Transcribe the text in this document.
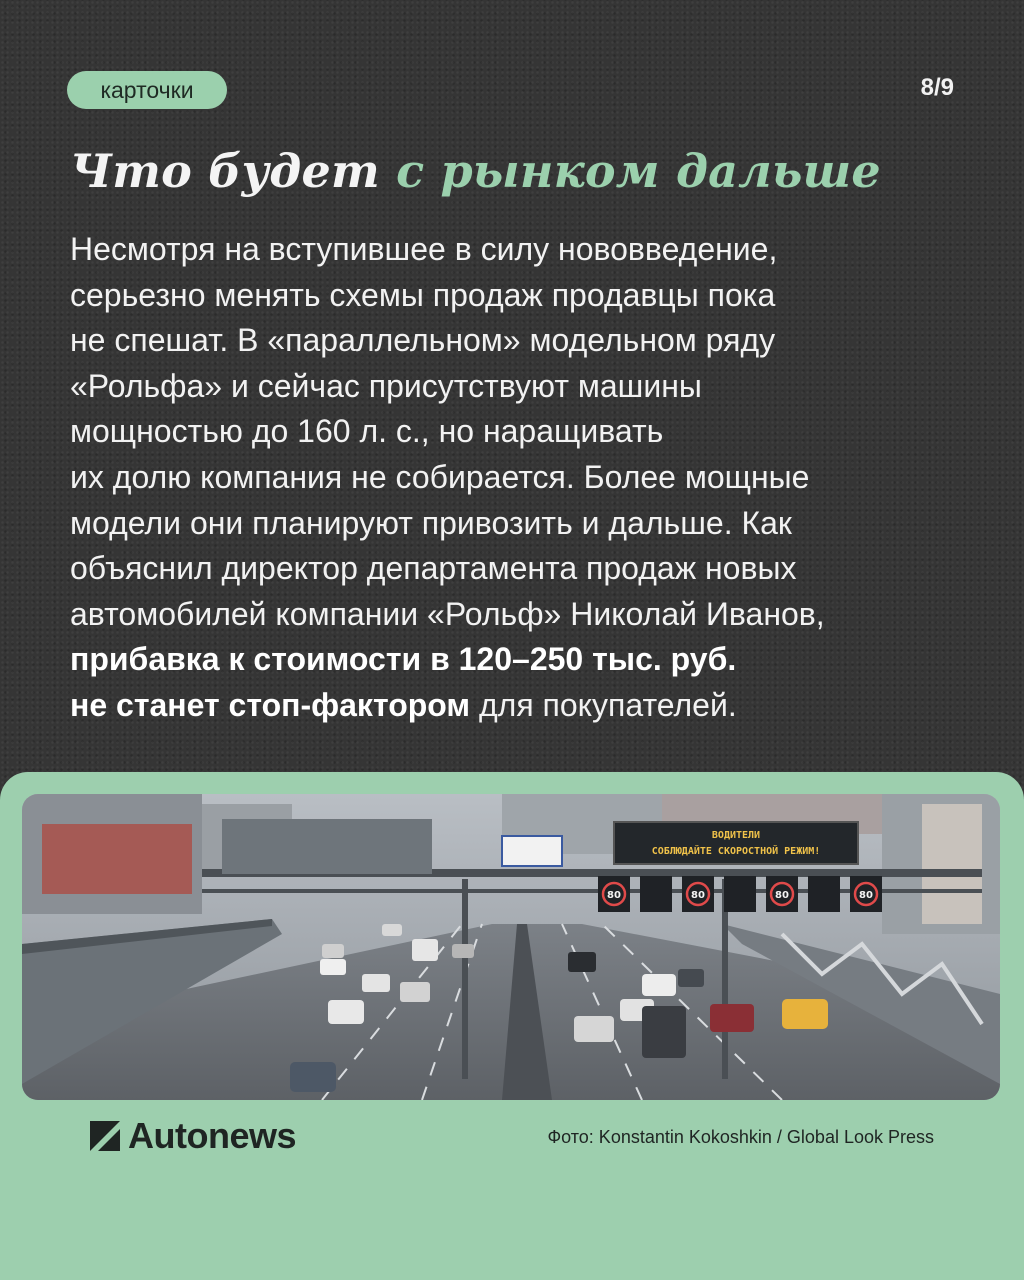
карточки	8/9
Что будет с рынком дальше
Несмотря на вступившее в силу нововведение,
серьезно менять схемы продаж продавцы пока
не спешат. В «параллельном» модельном ряду
«Рольфа» и сейчас присутствуют машины
мощностью до 160 л. с., но наращивать
их долю компания не собирается. Более мощные
модели они планируют привозить и дальше. Как
объяснил директор департамента продаж новых
автомобилей компании «Рольф» Николай Иванов,
прибавка к стоимости в 120–250 тыс. руб.
не станет стоп-фактором для покупателей.
ВОДИТЕЛИ
СОБЛЮДАЙТЕ СКОРОСТНОЙ РЕЖИМ!
80	80	80	80
Autonews	Фото: Konstantin Kokoshkin / Global Look Press
